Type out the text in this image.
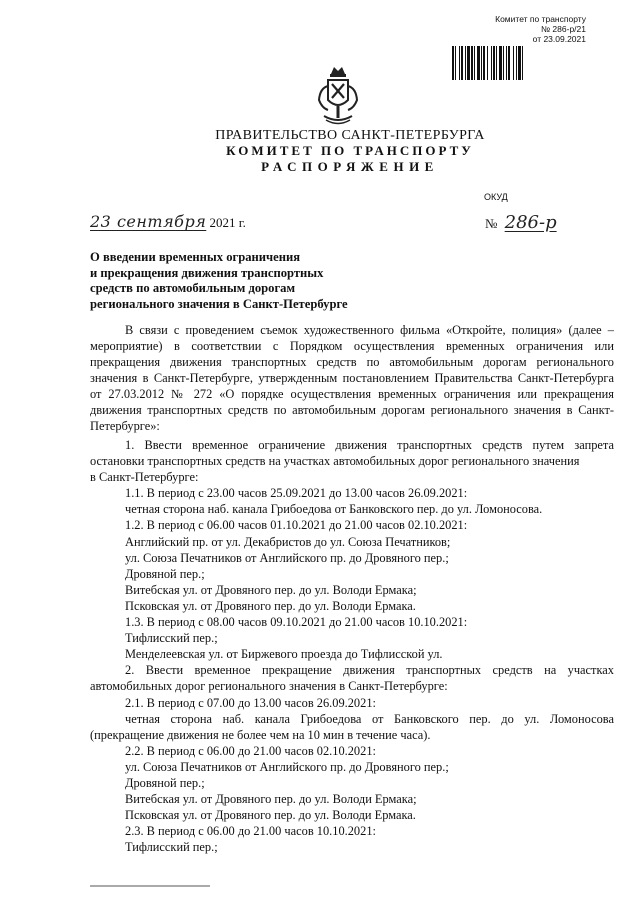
Комитет по транспорту
№ 286-р/21
от 23.09.2021
ПРАВИТЕЛЬСТВО САНКТ-ПЕТЕРБУРГА
КОМИТЕТ ПО ТРАНСПОРТУ
РАСПОРЯЖЕНИЕ
ОКУД
23 сентября 2021 г.	№ 286-р
О введении временных ограничения
и прекращения движения транспортных
средств по автомобильным дорогам
регионального значения в Санкт-Петербурге
В связи с проведением съемок художественного фильма «Откройте, полиция» (далее – мероприятие) в соответствии с Порядком осуществления временных ограничения или прекращения движения транспортных средств по автомобильным дорогам регионального значения в Санкт-Петербурге, утвержденным постановлением Правительства Санкт-Петербурга от 27.03.2012 № 272 «О порядке осуществления временных ограничения или прекращения движения транспортных средств по автомобильным дорогам регионального значения в Санкт-Петербурге»:
1. Ввести временное ограничение движения транспортных средств путем запрета
остановки транспортных средств на участках автомобильных дорог регионального значения
в Санкт-Петербурге:
1.1. В период с 23.00 часов 25.09.2021 до 13.00 часов 26.09.2021:
четная сторона наб. канала Грибоедова от Банковского пер. до ул. Ломоносова.
1.2. В период с 06.00 часов 01.10.2021 до 21.00 часов 02.10.2021:
Английский пр. от ул. Декабристов до ул. Союза Печатников;
ул. Союза Печатников от Английского пр. до Дровяного пер.;
Дровяной пер.;
Витебская ул. от Дровяного пер. до ул. Володи Ермака;
Псковская ул. от Дровяного пер. до ул. Володи Ермака.
1.3. В период с 08.00 часов 09.10.2021 до 21.00 часов 10.10.2021:
Тифлисский пер.;
Менделеевская ул. от Биржевого проезда до Тифлисской ул.
2. Ввести временное прекращение движения транспортных средств на участках
автомобильных дорог регионального значения в Санкт-Петербурге:
2.1. В период с 07.00 до 13.00 часов 26.09.2021:
четная сторона наб. канала Грибоедова от Банковского пер. до ул. Ломоносова
(прекращение движения не более чем на 10 мин в течение часа).
2.2. В период с 06.00 до 21.00 часов 02.10.2021:
ул. Союза Печатников от Английского пр. до Дровяного пер.;
Дровяной пер.;
Витебская ул. от Дровяного пер. до ул. Володи Ермака;
Псковская ул. от Дровяного пер. до ул. Володи Ермака.
2.3. В период с 06.00 до 21.00 часов 10.10.2021:
Тифлисский пер.;
